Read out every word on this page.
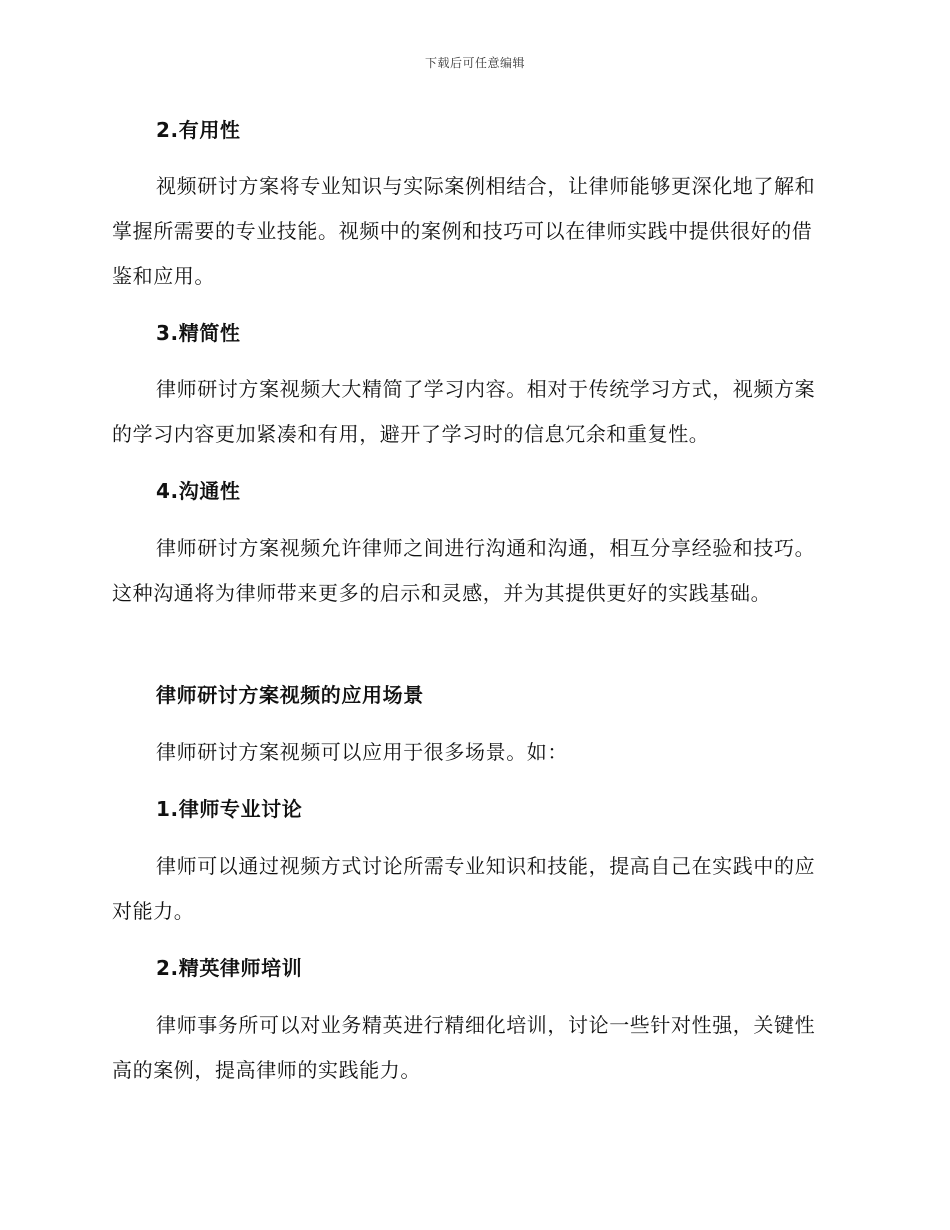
下载后可任意编辑
2.有用性

视频研讨方案将专业知识与实际案例相结合，让律师能够更深化地了解和掌握所需要的专业技能。视频中的案例和技巧可以在律师实践中提供很好的借鉴和应用。

3.精简性

律师研讨方案视频大大精简了学习内容。相对于传统学习方式，视频方案的学习内容更加紧凑和有用，避开了学习时的信息冗余和重复性。

4.沟通性

律师研讨方案视频允许律师之间进行沟通和沟通，相互分享经验和技巧。这种沟通将为律师带来更多的启示和灵感，并为其提供更好的实践基础。

律师研讨方案视频的应用场景

律师研讨方案视频可以应用于很多场景。如：

1.律师专业讨论

律师可以通过视频方式讨论所需专业知识和技能，提高自己在实践中的应对能力。

2.精英律师培训

律师事务所可以对业务精英进行精细化培训，讨论一些针对性强，关键性高的案例，提高律师的实践能力。
